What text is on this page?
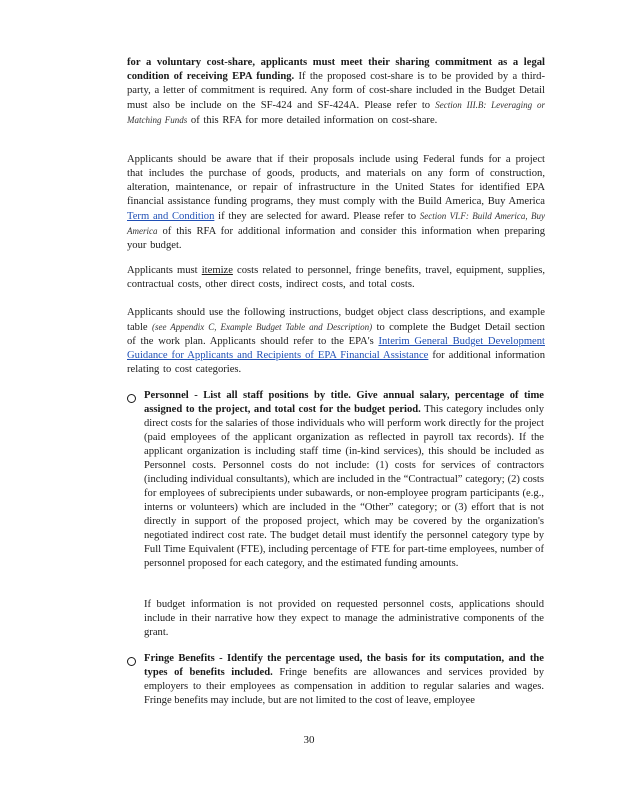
for a voluntary cost-share, applicants must meet their sharing commitment as a legal condition of receiving EPA funding. If the proposed cost-share is to be provided by a third-party, a letter of commitment is required. Any form of cost-share included in the Budget Detail must also be include on the SF-424 and SF-424A. Please refer to Section III.B: Leveraging or Matching Funds of this RFA for more detailed information on cost-share.

Applicants should be aware that if their proposals include using Federal funds for a project that includes the purchase of goods, products, and materials on any form of construction, alteration, maintenance, or repair of infrastructure in the United States for identified EPA financial assistance funding programs, they must comply with the Build America, Buy America Term and Condition if they are selected for award. Please refer to Section VI.F: Build America, Buy America of this RFA for additional information and consider this information when preparing your budget.

Applicants must itemize costs related to personnel, fringe benefits, travel, equipment, supplies, contractual costs, other direct costs, indirect costs, and total costs.

Applicants should use the following instructions, budget object class descriptions, and example table (see Appendix C, Example Budget Table and Description) to complete the Budget Detail section of the work plan. Applicants should refer to the EPA's Interim General Budget Development Guidance for Applicants and Recipients of EPA Financial Assistance for additional information relating to cost categories.

Personnel - List all staff positions by title. Give annual salary, percentage of time assigned to the project, and total cost for the budget period. This category includes only direct costs for the salaries of those individuals who will perform work directly for the project (paid employees of the applicant organization as reflected in payroll tax records). If the applicant organization is including staff time (in-kind services), this should be included as Personnel costs. Personnel costs do not include: (1) costs for services of contractors (including individual consultants), which are included in the “Contractual” category; (2) costs for employees of subrecipients under subawards, or non-employee program participants (e.g., interns or volunteers) which are included in the “Other” category; or (3) effort that is not directly in support of the proposed project, which may be covered by the organization's negotiated indirect cost rate. The budget detail must identify the personnel category type by Full Time Equivalent (FTE), including percentage of FTE for part-time employees, number of personnel proposed for each category, and the estimated funding amounts.

If budget information is not provided on requested personnel costs, applications should include in their narrative how they expect to manage the administrative components of the grant.

Fringe Benefits - Identify the percentage used, the basis for its computation, and the types of benefits included. Fringe benefits are allowances and services provided by employers to their employees as compensation in addition to regular salaries and wages. Fringe benefits may include, but are not limited to the cost of leave, employee

30
